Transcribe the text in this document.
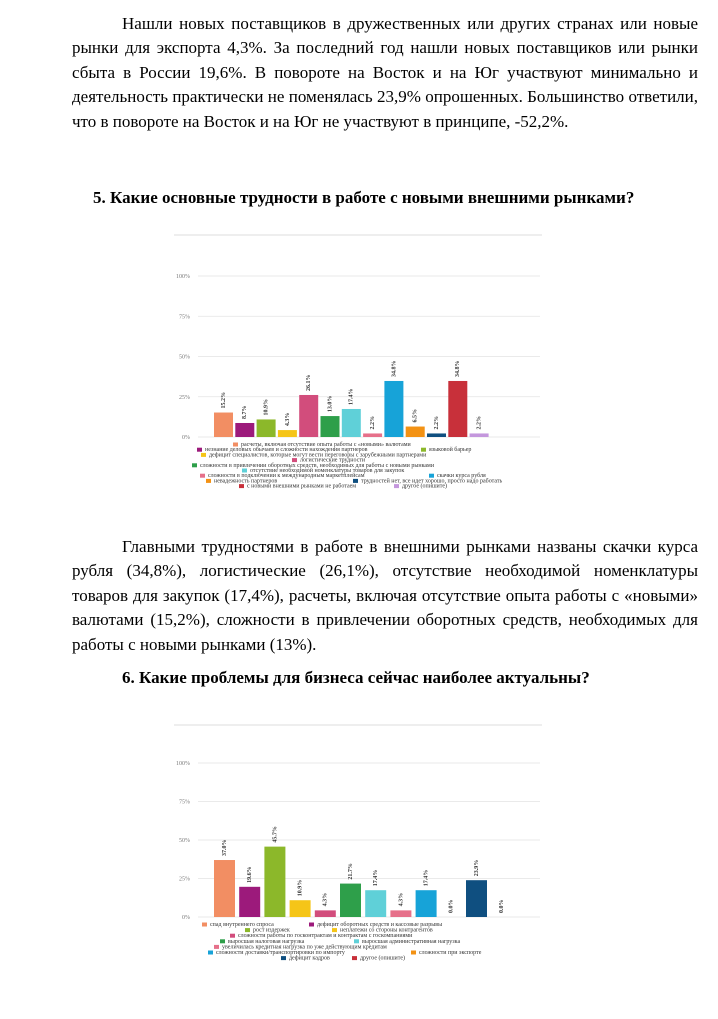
Нашли новых поставщиков в дружественных или других странах или новые рынки для экспорта 4,3%. За последний год нашли новых поставщиков или рынки сбыта в России 19,6%. В повороте на Восток и на Юг участвуют минимально и деятельность практически не поменялась 23,9% опрошенных. Большинство ответили, что в повороте на Восток и на Юг не участвуют в принципе, -52,2%.

5. Какие основные трудности в работе с новыми внешними рынками?
0%
25%
50%
75%
100%
15.2%
8.7%	10.9%
4.3%
26.1%
13.0%	17.4%
2.2%
34.8%
6.5%
2.2%
34.8%
2.2%
расчеты, включая отсутствие опыта работы с «новыми» валютами
незнание деловых обычаев и сложности нахождения партнеров	языковой барьер
дефицит специалистов, которые могут вести переговоры с зарубежными партнерами
логистические трудности
сложности в привлечении оборотных средств, необходимых для работы с новыми рынками
отсутствие необходимой номенклатуры товаров для закупок
сложности в подключении к международным маркетплейсам	скачки курса рубля
невадежность партнеров	трудностей нет, все идет хорошо, просто надо работать
с новыми внешними рынками не работаем	другое (опишите)

Главными трудностями в работе в внешними рынками названы скачки курса рубля (34,8%), логистические (26,1%), отсутствие необходимой номенклатуры товаров для закупок (17,4%), расчеты, включая отсутствие опыта работы с «новыми» валютами (15,2%), сложности в привлечении оборотных средств, необходимых для работы с новыми рынками (13%).

6. Какие проблемы для бизнеса сейчас наиболее актуальны?
0%
25%
50%
75%
100%
37.0%
19.6%
45.7%
10.9%
4.3%
21.7%	17.4%
4.3%
17.4%
0.0%
23.9%
0.0%
спад внутреннего спроса	дефицит оборотных средств и кассовые разрывы
рост издержек	неплатежи со стороны контрагентов
сложности работы по госконтрактам и контрактам с госкомпаниями
выросшая налоговая нагрузка	выросшая административная нагрузка
увеличилась кредитная нагрузка по уже действующим кредитам
сложности доставки/транспортировки по импорту	сложности при экспорте
дефицит кадров	другое (опишите)
